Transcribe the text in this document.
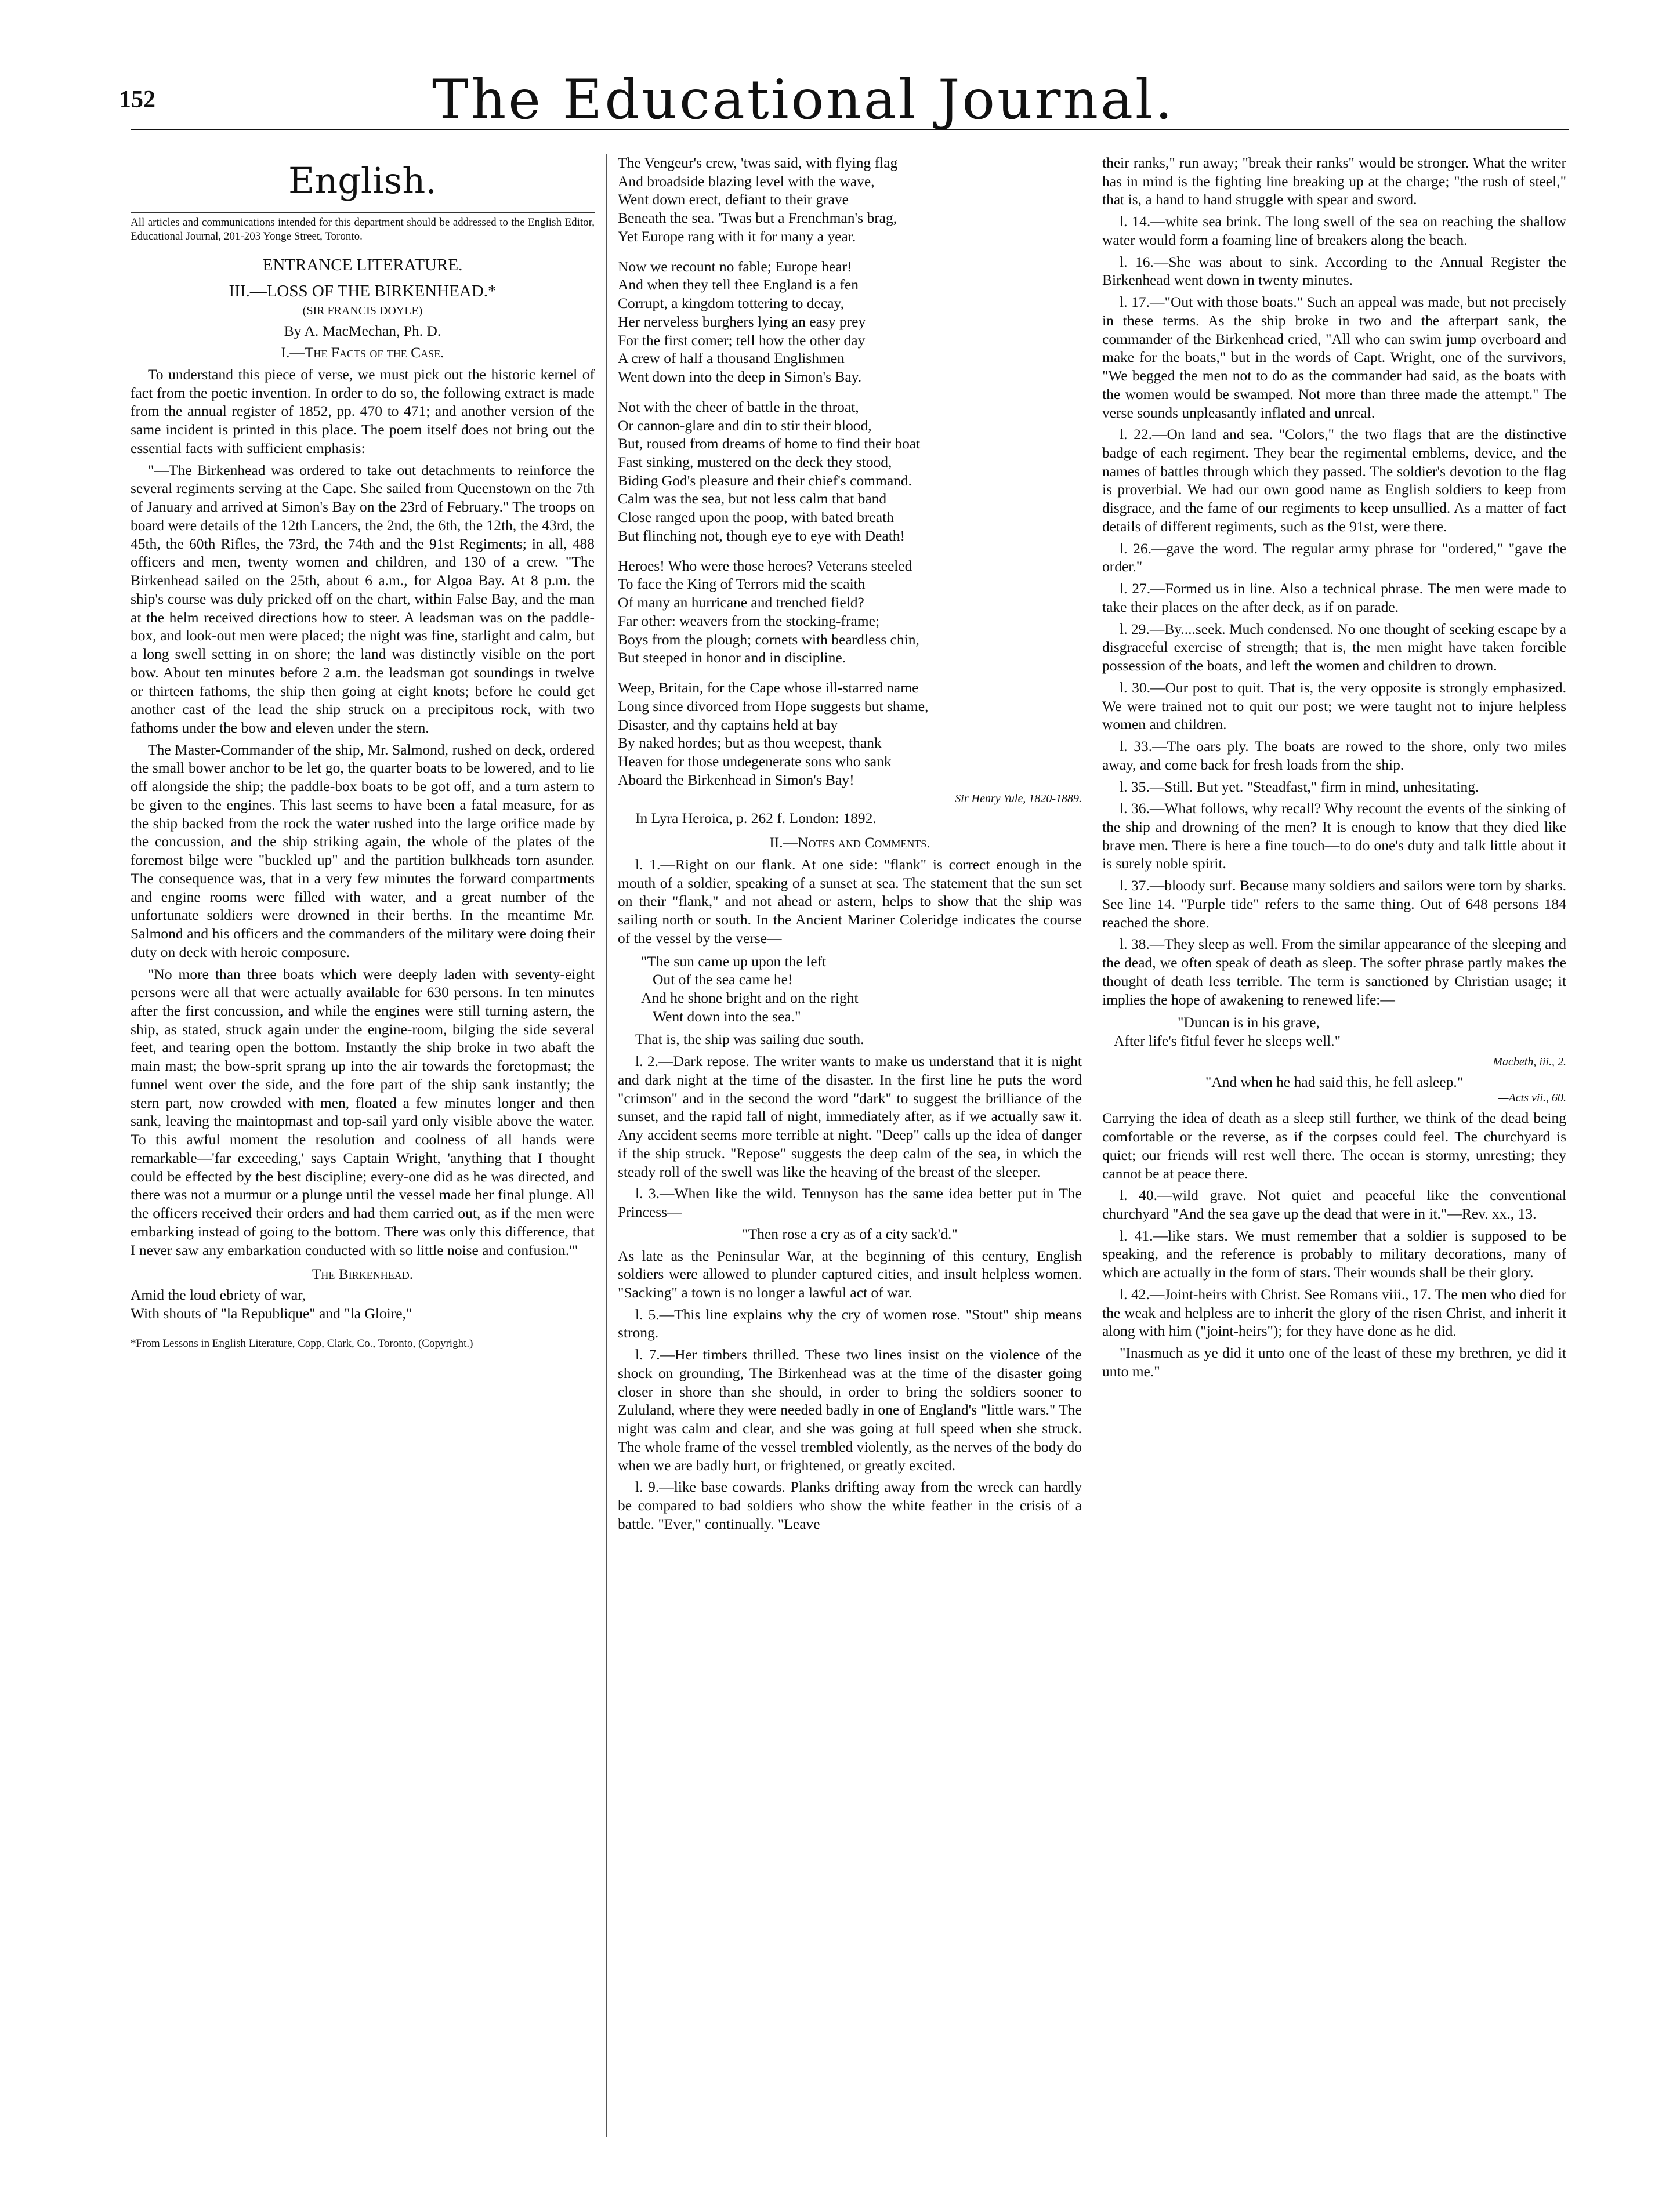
152	The Educational Journal.
English.
All articles and communications intended for this department should be addressed to the English Editor, Educational Journal, 201-203 Yonge Street, Toronto.
ENTRANCE LITERATURE.
III.—LOSS OF THE BIRKENHEAD.*
(SIR FRANCIS DOYLE)
By A. MacMechan, Ph. D.
I.—The Facts of the Case.

To understand this piece of verse, we must pick out the historic kernel of fact from the poetic invention. In order to do so, the following extract is made from the annual register of 1852, pp. 470 to 471; and another version of the same incident is printed in this place. The poem itself does not bring out the essential facts with sufficient emphasis:

"—The Birkenhead was ordered to take out detachments to reinforce the several regiments serving at the Cape. She sailed from Queenstown on the 7th of January and arrived at Simon's Bay on the 23rd of February." The troops on board were details of the 12th Lancers, the 2nd, the 6th, the 12th, the 43rd, the 45th, the 60th Rifles, the 73rd, the 74th and the 91st Regiments; in all, 488 officers and men, twenty women and children, and 130 of a crew. "The Birkenhead sailed on the 25th, about 6 a.m., for Algoa Bay. At 8 p.m. the ship's course was duly pricked off on the chart, within False Bay, and the man at the helm received directions how to steer. A leadsman was on the paddle-box, and look-out men were placed; the night was fine, starlight and calm, but a long swell setting in on shore; the land was distinctly visible on the port bow. About ten minutes before 2 a.m. the leadsman got soundings in twelve or thirteen fathoms, the ship then going at eight knots; before he could get another cast of the lead the ship struck on a precipitous rock, with two fathoms under the bow and eleven under the stern.

The Master-Commander of the ship, Mr. Salmond, rushed on deck, ordered the small bower anchor to be let go, the quarter boats to be lowered, and to lie off alongside the ship; the paddle-box boats to be got off, and a turn astern to be given to the engines. This last seems to have been a fatal measure, for as the ship backed from the rock the water rushed into the large orifice made by the concussion, and the ship striking again, the whole of the plates of the foremost bilge were "buckled up" and the partition bulkheads torn asunder. The consequence was, that in a very few minutes the forward compartments and engine rooms were filled with water, and a great number of the unfortunate soldiers were drowned in their berths. In the meantime Mr. Salmond and his officers and the commanders of the military were doing their duty on deck with heroic composure.

"No more than three boats which were deeply laden with seventy-eight persons were all that were actually available for 630 persons. In ten minutes after the first concussion, and while the engines were still turning astern, the ship, as stated, struck again under the engine-room, bilging the side several feet, and tearing open the bottom. Instantly the ship broke in two abaft the main mast; the bow-sprit sprang up into the air towards the foretopmast; the funnel went over the side, and the fore part of the ship sank instantly; the stern part, now crowded with men, floated a few minutes longer and then sank, leaving the maintopmast and top-sail yard only visible above the water. To this awful moment the resolution and coolness of all hands were remarkable—'far exceeding,' says Captain Wright, 'anything that I thought could be effected by the best discipline; every-one did as he was directed, and there was not a murmur or a plunge until the vessel made her final plunge. All the officers received their orders and had them carried out, as if the men were embarking instead of going to the bottom. There was only this difference, that I never saw any embarkation conducted with so little noise and confusion.'"

The Birkenhead.

Amid the loud ebriety of war,

With shouts of "la Republique" and "la Gloire,"

*From Lessons in English Literature, Copp, Clark, Co., Toronto, (Copyright.)

The Vengeur's crew, 'twas said, with flying flag

And broadside blazing level with the wave,

Went down erect, defiant to their grave

Beneath the sea. 'Twas but a Frenchman's brag,

Yet Europe rang with it for many a year.

Now we recount no fable; Europe hear!

And when they tell thee England is a fen

Corrupt, a kingdom tottering to decay,

Her nerveless burghers lying an easy prey

For the first comer; tell how the other day

A crew of half a thousand Englishmen

Went down into the deep in Simon's Bay.

Not with the cheer of battle in the throat,

Or cannon-glare and din to stir their blood,

But, roused from dreams of home to find their boat

Fast sinking, mustered on the deck they stood,

Biding God's pleasure and their chief's command.

Calm was the sea, but not less calm that band

Close ranged upon the poop, with bated breath

But flinching not, though eye to eye with Death!

Heroes! Who were those heroes? Veterans steeled

To face the King of Terrors mid the scaith

Of many an hurricane and trenched field?

Far other: weavers from the stocking-frame;

Boys from the plough; cornets with beardless chin,

But steeped in honor and in discipline.

Weep, Britain, for the Cape whose ill-starred name

Long since divorced from Hope suggests but shame,

Disaster, and thy captains held at bay

By naked hordes; but as thou weepest, thank

Heaven for those undegenerate sons who sank

Aboard the Birkenhead in Simon's Bay!

Sir Henry Yule, 1820-1889.

In Lyra Heroica, p. 262 f. London: 1892.

II.—Notes and Comments.

l. 1.—Right on our flank. At one side: "flank" is correct enough in the mouth of a soldier, speaking of a sunset at sea. The statement that the sun set on their "flank," and not ahead or astern, helps to show that the ship was sailing north or south. In the Ancient Mariner Coleridge indicates the course of the vessel by the verse—

"The sun came up upon the left

Out of the sea came he!

And he shone bright and on the right

Went down into the sea."

That is, the ship was sailing due south.

l. 2.—Dark repose. The writer wants to make us understand that it is night and dark night at the time of the disaster. In the first line he puts the word "crimson" and in the second the word "dark" to suggest the brilliance of the sunset, and the rapid fall of night, immediately after, as if we actually saw it. Any accident seems more terrible at night. "Deep" calls up the idea of danger if the ship struck. "Repose" suggests the deep calm of the sea, in which the steady roll of the swell was like the heaving of the breast of the sleeper.

l. 3.—When like the wild. Tennyson has the same idea better put in The Princess—

"Then rose a cry as of a city sack'd."

As late as the Peninsular War, at the beginning of this century, English soldiers were allowed to plunder captured cities, and insult helpless women. "Sacking" a town is no longer a lawful act of war.

l. 5.—This line explains why the cry of women rose. "Stout" ship means strong.

l. 7.—Her timbers thrilled. These two lines insist on the violence of the shock on grounding, The Birkenhead was at the time of the disaster going closer in shore than she should, in order to bring the soldiers sooner to Zululand, where they were needed badly in one of England's "little wars." The night was calm and clear, and she was going at full speed when she struck. The whole frame of the vessel trembled violently, as the nerves of the body do when we are badly hurt, or frightened, or greatly excited.

l. 9.—like base cowards. Planks drifting away from the wreck can hardly be compared to bad soldiers who show the white feather in the crisis of a battle. "Ever," continually. "Leave

their ranks," run away; "break their ranks" would be stronger. What the writer has in mind is the fighting line breaking up at the charge; "the rush of steel," that is, a hand to hand struggle with spear and sword.

l. 14.—white sea brink. The long swell of the sea on reaching the shallow water would form a foaming line of breakers along the beach.

l. 16.—She was about to sink. According to the Annual Register the Birkenhead went down in twenty minutes.

l. 17.—"Out with those boats." Such an appeal was made, but not precisely in these terms. As the ship broke in two and the afterpart sank, the commander of the Birkenhead cried, "All who can swim jump overboard and make for the boats," but in the words of Capt. Wright, one of the survivors, "We begged the men not to do as the commander had said, as the boats with the women would be swamped. Not more than three made the attempt." The verse sounds unpleasantly inflated and unreal.

l. 22.—On land and sea. "Colors," the two flags that are the distinctive badge of each regiment. They bear the regimental emblems, device, and the names of battles through which they passed. The soldier's devotion to the flag is proverbial. We had our own good name as English soldiers to keep from disgrace, and the fame of our regiments to keep unsullied. As a matter of fact details of different regiments, such as the 91st, were there.

l. 26.—gave the word. The regular army phrase for "ordered," "gave the order."

l. 27.—Formed us in line. Also a technical phrase. The men were made to take their places on the after deck, as if on parade.

l. 29.—By....seek. Much condensed. No one thought of seeking escape by a disgraceful exercise of strength; that is, the men might have taken forcible possession of the boats, and left the women and children to drown.

l. 30.—Our post to quit. That is, the very opposite is strongly emphasized. We were trained not to quit our post; we were taught not to injure helpless women and children.

l. 33.—The oars ply. The boats are rowed to the shore, only two miles away, and come back for fresh loads from the ship.

l. 35.—Still. But yet. "Steadfast," firm in mind, unhesitating.

l. 36.—What follows, why recall? Why recount the events of the sinking of the ship and drowning of the men? It is enough to know that they died like brave men. There is here a fine touch—to do one's duty and talk little about it is surely noble spirit.

l. 37.—bloody surf. Because many soldiers and sailors were torn by sharks. See line 14. "Purple tide" refers to the same thing. Out of 648 persons 184 reached the shore.

l. 38.—They sleep as well. From the similar appearance of the sleeping and the dead, we often speak of death as sleep. The softer phrase partly makes the thought of death less terrible. The term is sanctioned by Christian usage; it implies the hope of awakening to renewed life:—

"Duncan is in his grave,

After life's fitful fever he sleeps well."

—Macbeth, iii., 2.

"And when he had said this, he fell asleep."

—Acts vii., 60.

Carrying the idea of death as a sleep still further, we think of the dead being comfortable or the reverse, as if the corpses could feel. The churchyard is quiet; our friends will rest well there. The ocean is stormy, unresting; they cannot be at peace there.

l. 40.—wild grave. Not quiet and peaceful like the conventional churchyard "And the sea gave up the dead that were in it."—Rev. xx., 13.

l. 41.—like stars. We must remember that a soldier is supposed to be speaking, and the reference is probably to military decorations, many of which are actually in the form of stars. Their wounds shall be their glory.

l. 42.—Joint-heirs with Christ. See Romans viii., 17. The men who died for the weak and helpless are to inherit the glory of the risen Christ, and inherit it along with him ("joint-heirs"); for they have done as he did.

"Inasmuch as ye did it unto one of the least of these my brethren, ye did it unto me."
